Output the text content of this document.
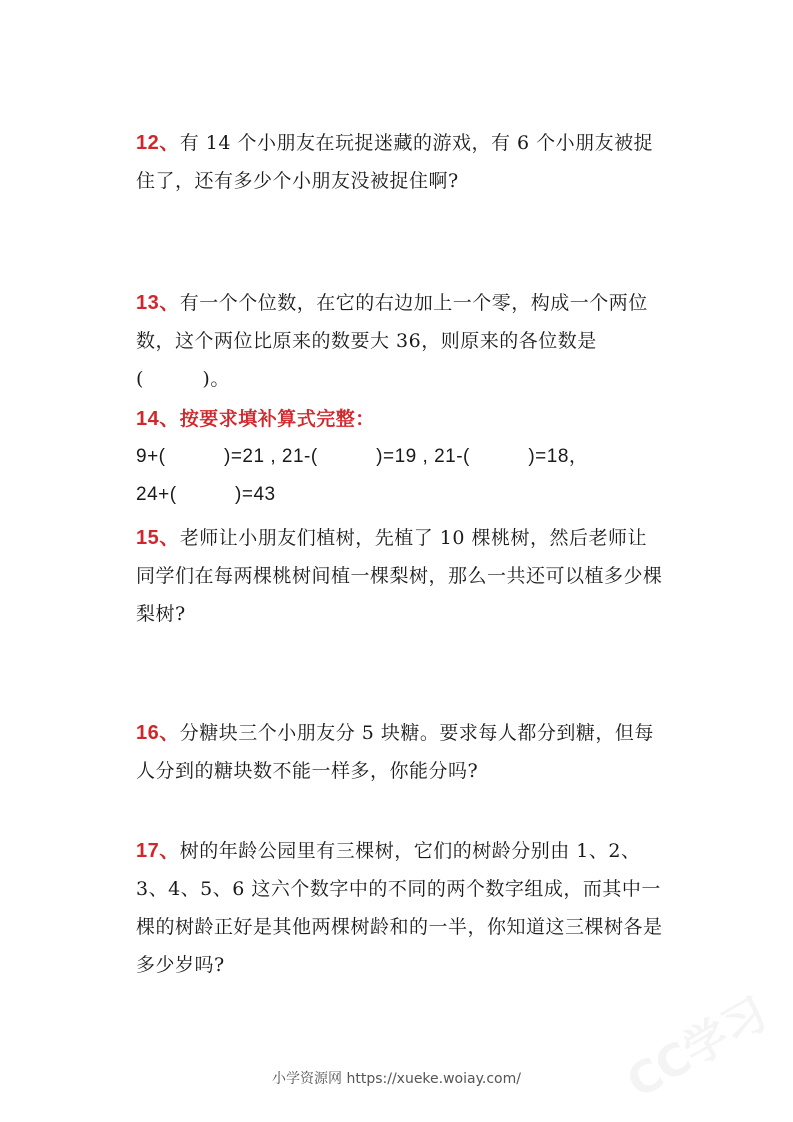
12、有 14 个小朋友在玩捉迷藏的游戏，有 6 个小朋友被捉住了，还有多少个小朋友没被捉住啊?
13、有一个个位数，在它的右边加上一个零，构成一个两位数，这个两位比原来的数要大 36，则原来的各位数是(　　　)。
14、按要求填补算式完整：
9+(　　　)=21 , 21-(　　　)=19 , 21-(　　　)=18，
24+(　　　)=43
15、老师让小朋友们植树，先植了 10 棵桃树，然后老师让同学们在每两棵桃树间植一棵梨树，那么一共还可以植多少棵梨树?
16、分糖块三个小朋友分 5 块糖。要求每人都分到糖，但每人分到的糖块数不能一样多，你能分吗?
17、树的年龄公园里有三棵树，它们的树龄分别由 1、2、3、4、5、6 这六个数字中的不同的两个数字组成，而其中一棵的树龄正好是其他两棵树龄和的一半，你知道这三棵树各是多少岁吗?
CC学习
小学资源网 https://xueke.woiay.com/
